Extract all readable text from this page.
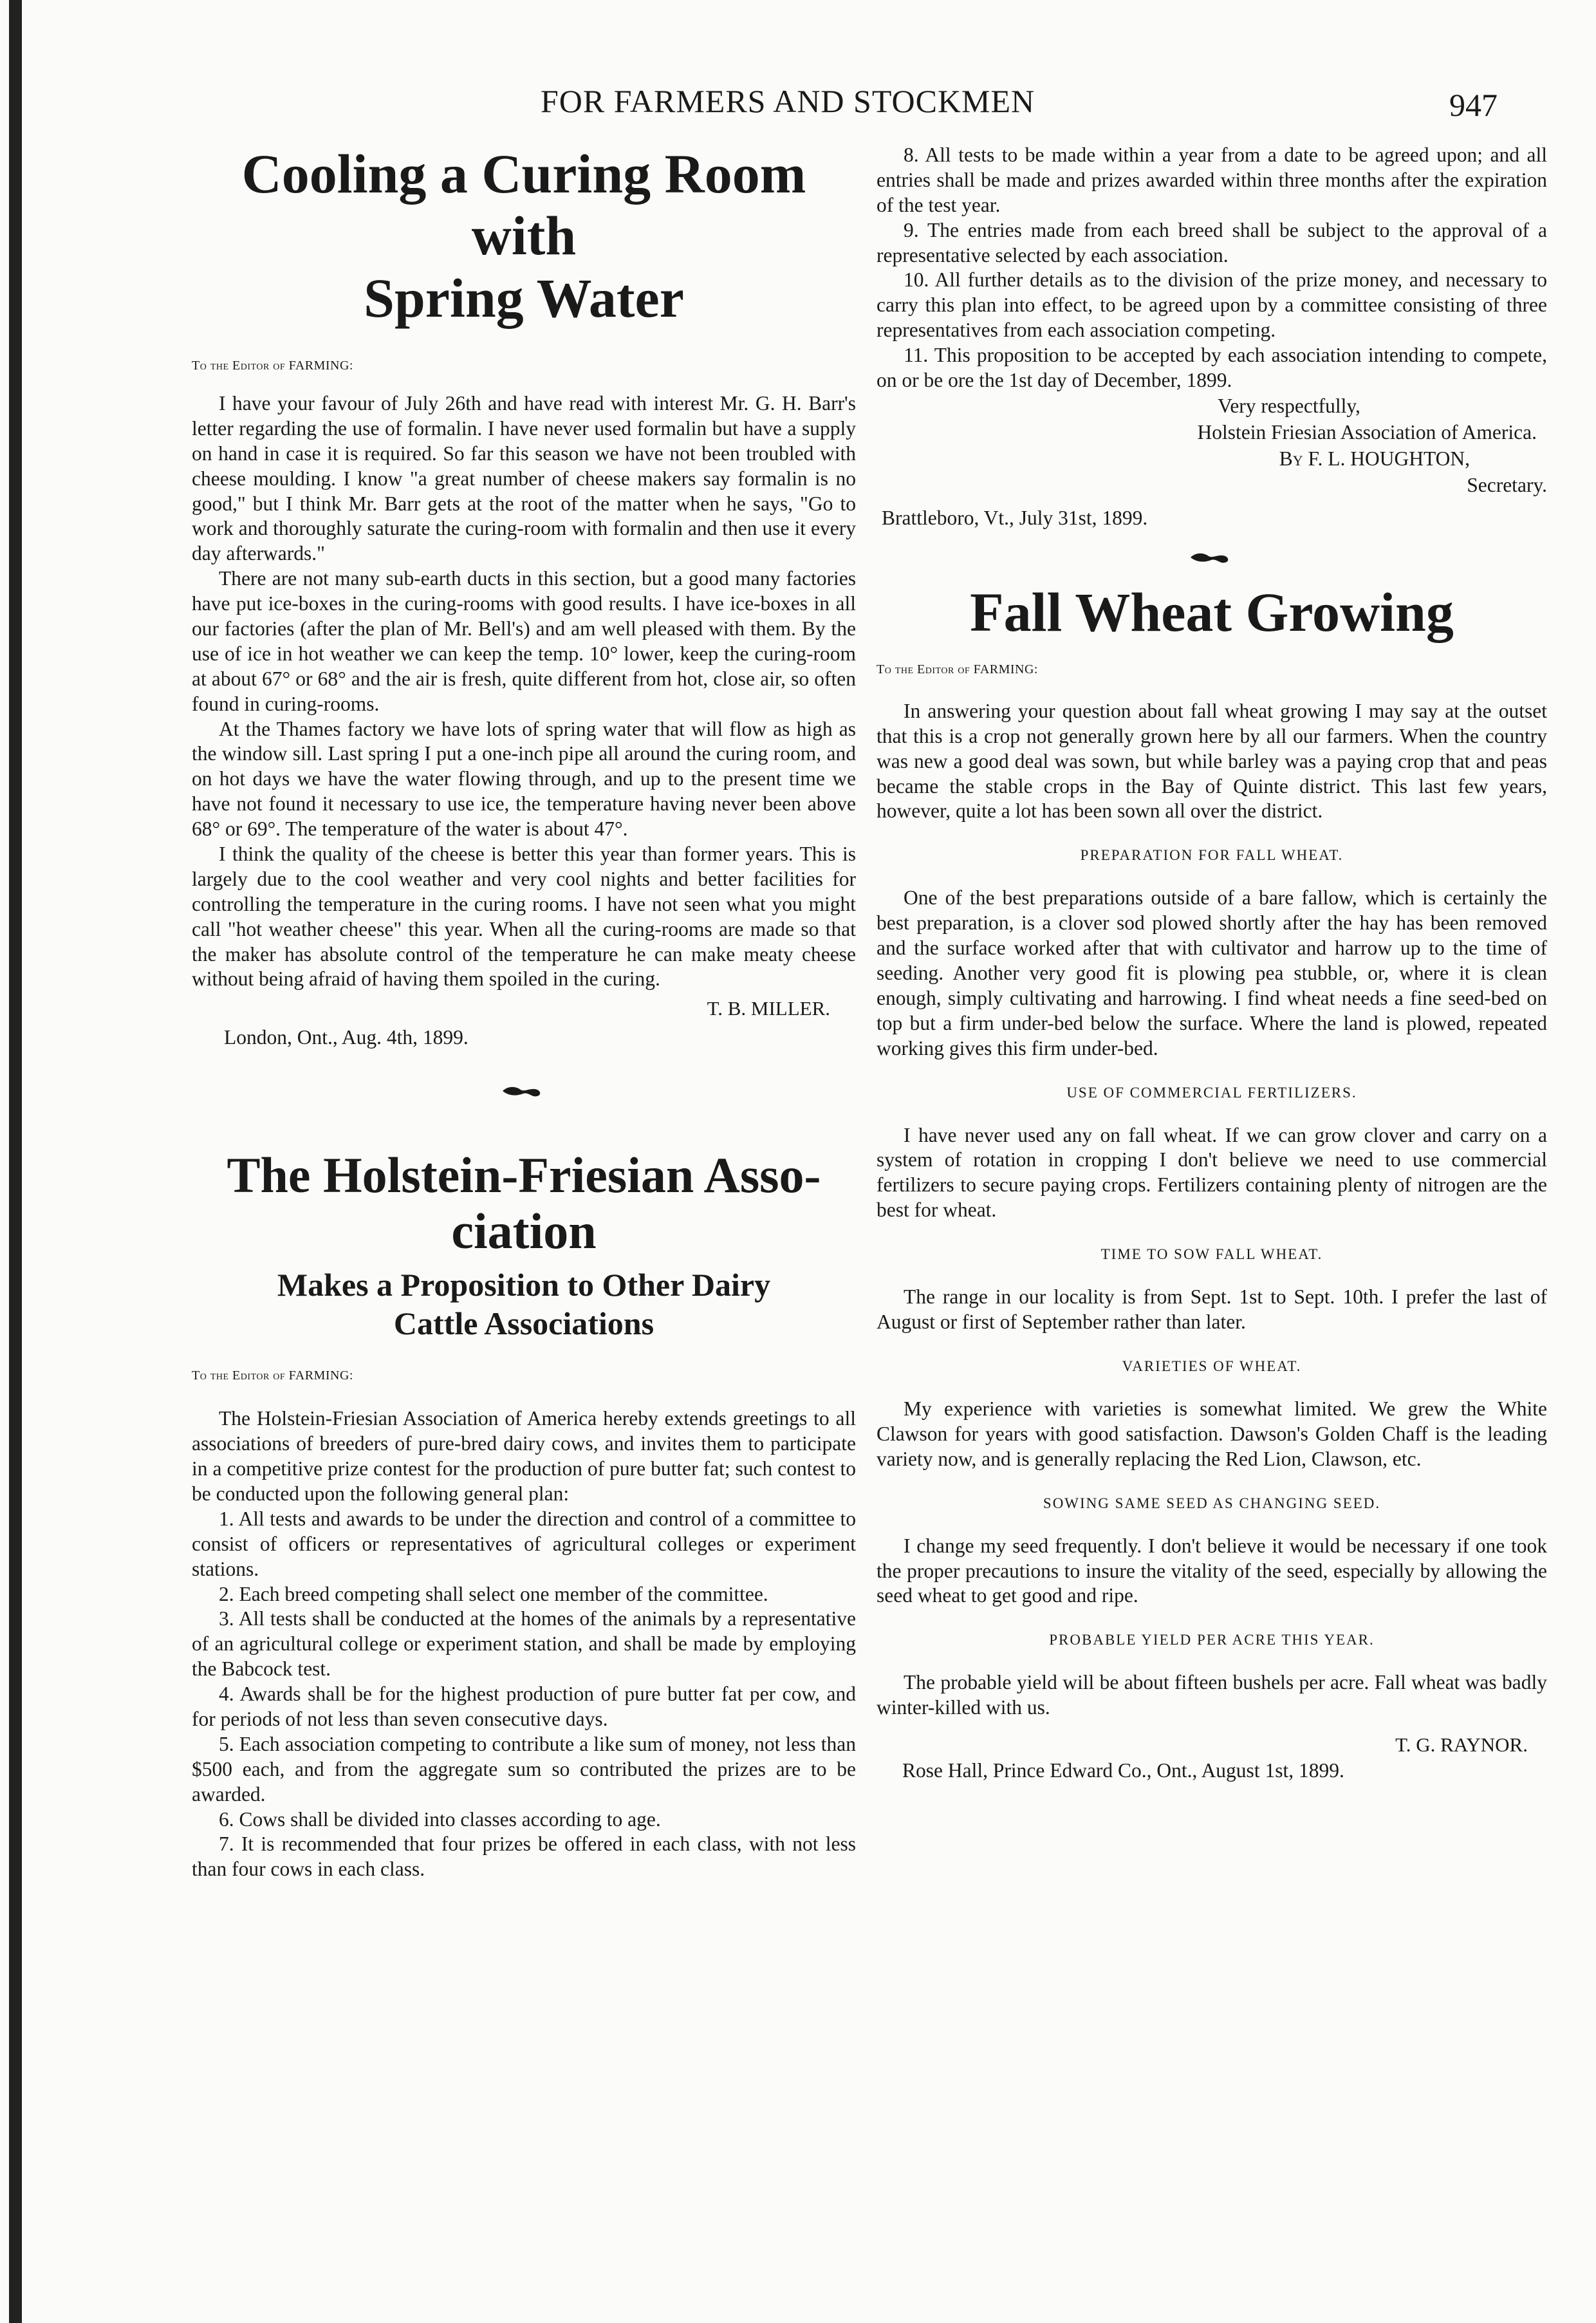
FOR FARMERS AND STOCKMEN	947
Cooling a Curing Room with
Spring Water
To the Editor of FARMING:

I have your favour of July 26th and have read with interest Mr. G. H. Barr's letter regarding the use of formalin. I have never used formalin but have a supply on hand in case it is required. So far this season we have not been troubled with cheese moulding. I know "a great number of cheese makers say formalin is no good," but I think Mr. Barr gets at the root of the matter when he says, "Go to work and thoroughly saturate the curing-room with formalin and then use it every day afterwards."

There are not many sub-earth ducts in this section, but a good many factories have put ice-boxes in the curing-rooms with good results. I have ice-boxes in all our factories (after the plan of Mr. Bell's) and am well pleased with them. By the use of ice in hot weather we can keep the temp. 10° lower, keep the curing-room at about 67° or 68° and the air is fresh, quite different from hot, close air, so often found in curing-rooms.

At the Thames factory we have lots of spring water that will flow as high as the window sill. Last spring I put a one-inch pipe all around the curing room, and on hot days we have the water flowing through, and up to the present time we have not found it necessary to use ice, the temperature having never been above 68° or 69°. The temperature of the water is about 47°.

I think the quality of the cheese is better this year than former years. This is largely due to the cool weather and very cool nights and better facilities for controlling the temperature in the curing rooms. I have not seen what you might call "hot weather cheese" this year. When all the curing-rooms are made so that the maker has absolute control of the temperature he can make meaty cheese without being afraid of having them spoiled in the curing.

T. B. MILLER.
London, Ont., Aug. 4th, 1899.
The Holstein-Friesian Asso-
ciation
Makes a Proposition to Other Dairy
Cattle Associations
To the Editor of FARMING:

The Holstein-Friesian Association of America hereby extends greetings to all associations of breeders of pure-bred dairy cows, and invites them to participate in a competitive prize contest for the production of pure butter fat; such contest to be conducted upon the following general plan:

1. All tests and awards to be under the direction and control of a committee to consist of officers or representatives of agricultural colleges or experiment stations.

2. Each breed competing shall select one member of the committee.

3. All tests shall be conducted at the homes of the animals by a representative of an agricultural college or experiment station, and shall be made by employing the Babcock test.

4. Awards shall be for the highest production of pure butter fat per cow, and for periods of not less than seven consecutive days.

5. Each association competing to contribute a like sum of money, not less than $500 each, and from the aggregate sum so contributed the prizes are to be awarded.

6. Cows shall be divided into classes according to age.

7. It is recommended that four prizes be offered in each class, with not less than four cows in each class.

8. All tests to be made within a year from a date to be agreed upon; and all entries shall be made and prizes awarded within three months after the expiration of the test year.

9. The entries made from each breed shall be subject to the approval of a representative selected by each association.

10. All further details as to the division of the prize money, and necessary to carry this plan into effect, to be agreed upon by a committee consisting of three representatives from each association competing.

11. This proposition to be accepted by each association intending to compete, on or be ore the 1st day of December, 1899.

Very respectfully,
Holstein Friesian Association of America.
By F. L. HOUGHTON,
Secretary.
Brattleboro, Vt., July 31st, 1899.
Fall Wheat Growing
To the Editor of FARMING:

In answering your question about fall wheat growing I may say at the outset that this is a crop not generally grown here by all our farmers. When the country was new a good deal was sown, but while barley was a paying crop that and peas became the stable crops in the Bay of Quinte district. This last few years, however, quite a lot has been sown all over the district.

PREPARATION FOR FALL WHEAT.

One of the best preparations outside of a bare fallow, which is certainly the best preparation, is a clover sod plowed shortly after the hay has been removed and the surface worked after that with cultivator and harrow up to the time of seeding. Another very good fit is plowing pea stubble, or, where it is clean enough, simply cultivating and harrowing. I find wheat needs a fine seed-bed on top but a firm under-bed below the surface. Where the land is plowed, repeated working gives this firm under-bed.

USE OF COMMERCIAL FERTILIZERS.

I have never used any on fall wheat. If we can grow clover and carry on a system of rotation in cropping I don't believe we need to use commercial fertilizers to secure paying crops. Fertilizers containing plenty of nitrogen are the best for wheat.

TIME TO SOW FALL WHEAT.

The range in our locality is from Sept. 1st to Sept. 10th. I prefer the last of August or first of September rather than later.

VARIETIES OF WHEAT.

My experience with varieties is somewhat limited. We grew the White Clawson for years with good satisfaction. Dawson's Golden Chaff is the leading variety now, and is generally replacing the Red Lion, Clawson, etc.

SOWING SAME SEED AS CHANGING SEED.

I change my seed frequently. I don't believe it would be necessary if one took the proper precautions to insure the vitality of the seed, especially by allowing the seed wheat to get good and ripe.

PROBABLE YIELD PER ACRE THIS YEAR.

The probable yield will be about fifteen bushels per acre. Fall wheat was badly winter-killed with us.

T. G. RAYNOR.
Rose Hall, Prince Edward Co., Ont., August 1st, 1899.
